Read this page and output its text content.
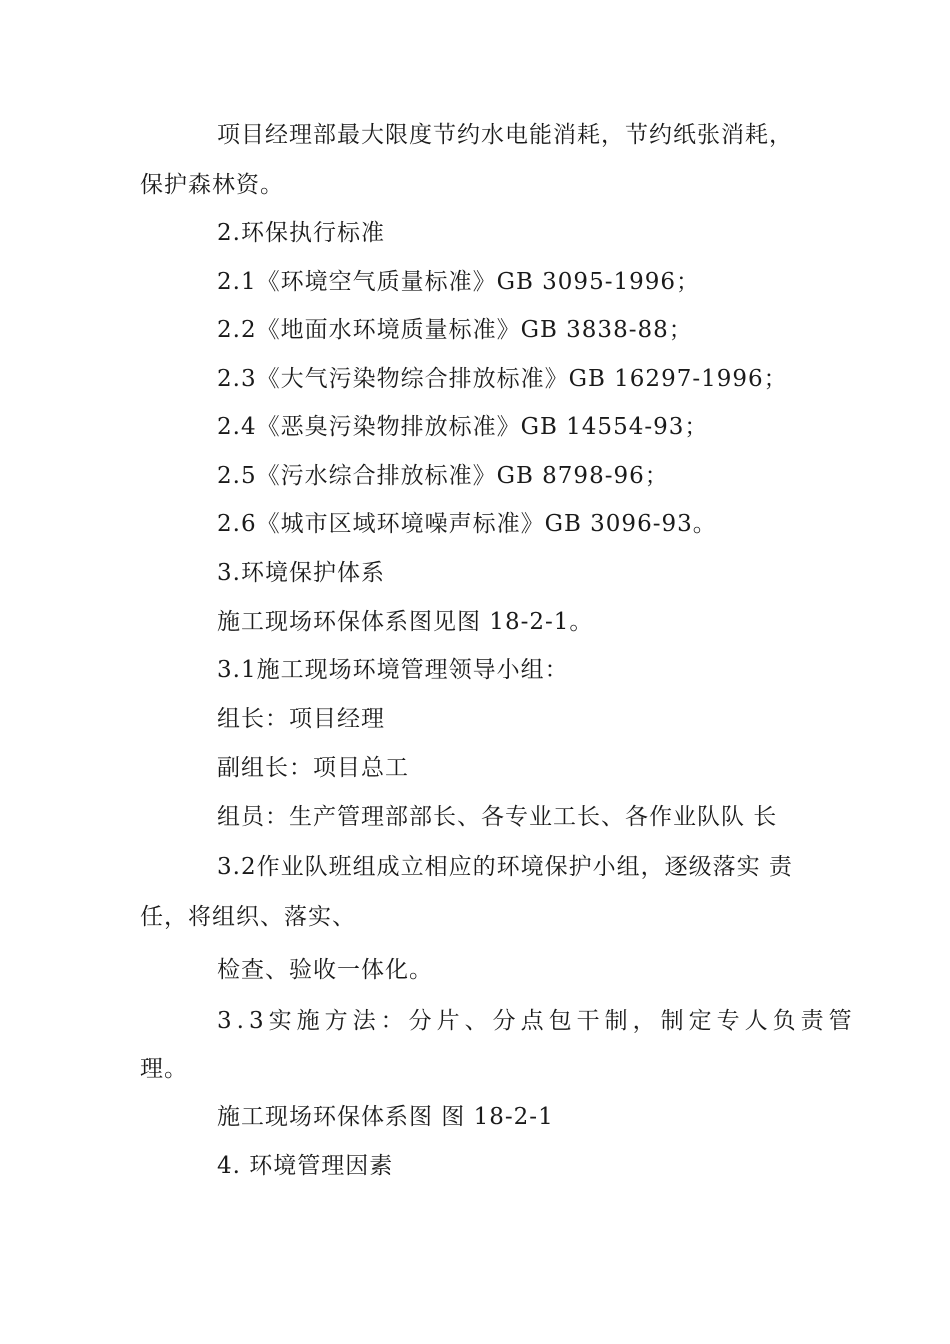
项目经理部最大限度节约水电能消耗，节约纸张消耗，
保护森林资。
2.环保执行标准
2.1《环境空气质量标准》GB 3095-1996；
2.2《地面水环境质量标准》GB 3838-88；
2.3《大气污染物综合排放标准》GB 16297-1996；
2.4《恶臭污染物排放标准》GB 14554-93；
2.5《污水综合排放标准》GB 8798-96；
2.6《城市区域环境噪声标准》GB 3096-93。
3.环境保护体系
施工现场环保体系图见图 18-2-1。
3.1施工现场环境管理领导小组：
组长：项目经理
副组长：项目总工
组员：生产管理部部长、各专业工长、各作业队队 长
3.2作业队班组成立相应的环境保护小组，逐级落实 责
任，将组织、落实、
检查、验收一体化。
3.3实施方法：分片、分点包干制，制定专人负责管
理。
施工现场环保体系图 图 18-2-1
4. 环境管理因素
